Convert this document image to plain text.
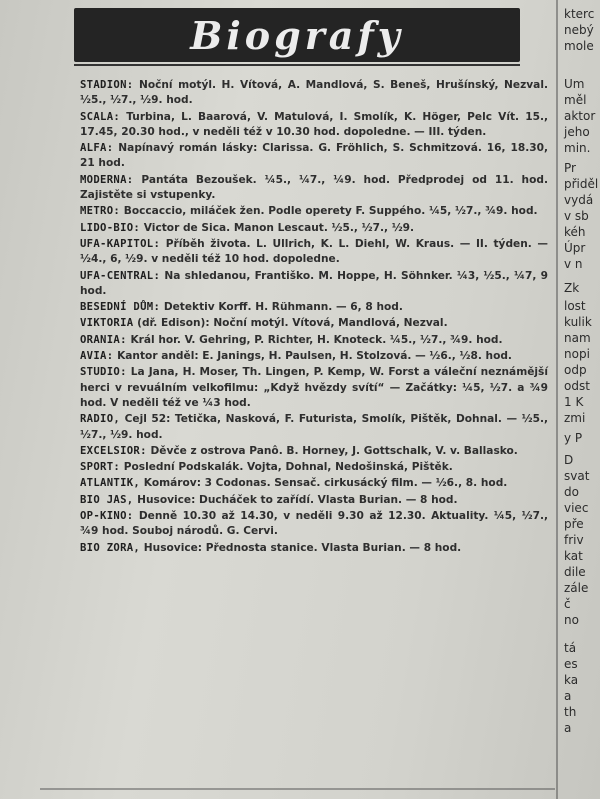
Biografy
STADION: Noční motýl. H. Vítová, A. Mandlová, S. Beneš, Hrušínský, Nezval. ½5., ½7., ½9. hod.
SCALA: Turbina, L. Baarová, V. Matulová, I. Smolík, K. Höger, Pelc Vít. 15., 17.45, 20.30 hod., v neděli též v 10.30 hod. dopoledne. — III. týden.
ALFA: Napínavý román lásky: Clarissa. G. Fröhlich, S. Schmitzová. 16, 18.30, 21 hod.
MODERNA: Pantáta Bezoušek. ¼5., ¼7., ¼9. hod. Předprodej od 11. hod. Zajistěte si vstupenky.
METRO: Boccaccio, miláček žen. Podle operety F. Suppého. ¼5, ½7., ¾9. hod.
LIDO-BIO: Victor de Sica. Manon Lescaut. ½5., ½7., ½9.
UFA-KAPITOL: Příběh života. L. Ullrich, K. L. Diehl, W. Kraus. — II. týden. — ½4., 6, ½9. v neděli též 10 hod. dopoledne.
UFA-CENTRAL: Na shledanou, Františko. M. Hoppe, H. Söhnker. ¼3, ½5., ¼7, 9 hod.
BESEDNÍ DŮM: Detektiv Korff. H. Rühmann. — 6, 8 hod.
VIKTORIA (dř. Edison): Noční motýl. Vítová, Mandlová, Nezval.
ORANIA: Král hor. V. Gehring, P. Richter, H. Knoteck. ¼5., ½7., ¾9. hod.
AVIA: Kantor anděl: E. Janings, H. Paulsen, H. Stolzová. — ½6., ½8. hod.
STUDIO: La Jana, H. Moser, Th. Lingen, P. Kemp, W. Forst a váleční neznámější herci v revuálním velkofilmu: „Když hvězdy svítí“ — Začátky: ¼5, ½7. a ¾9 hod. V neděli též ve ¼3 hod.
RADIO, Cejl 52: Tetička, Nasková, F. Futurista, Smolík, Pištěk, Dohnal. — ½5., ½7., ½9. hod.
EXCELSIOR: Děvče z ostrova Panô. B. Horney, J. Gottschalk, V. v. Ballasko.
SPORT: Poslední Podskalák. Vojta, Dohnal, Nedošinská, Pištěk.
ATLANTIK, Komárov: 3 Codonas. Sensač. cirkusácký film. — ½6., 8. hod.
BIO JAS, Husovice: Ducháček to zařídí. Vlasta Burian. — 8 hod.
OP-KINO: Denně 10.30 až 14.30, v neděli 9.30 až 12.30. Aktuality. ¼5, ½7., ¾9 hod. Souboj národů. G. Cervi.
BIO ZORA, Husovice: Přednosta stanice. Vlasta Burian. — 8 hod.
kterc
nebý
mole
Um
měl
aktor
jeho
min.
Pr
přiděl
vydá
v sb
kéh
Úpr
v n
Zk
lost
kulik
nam
nopi
odp
odst
1 K
zmi
y P
D
svat
do
viec
pře
friv
kat
dile
zále
č
no
tá
es
ka
a
th
a
